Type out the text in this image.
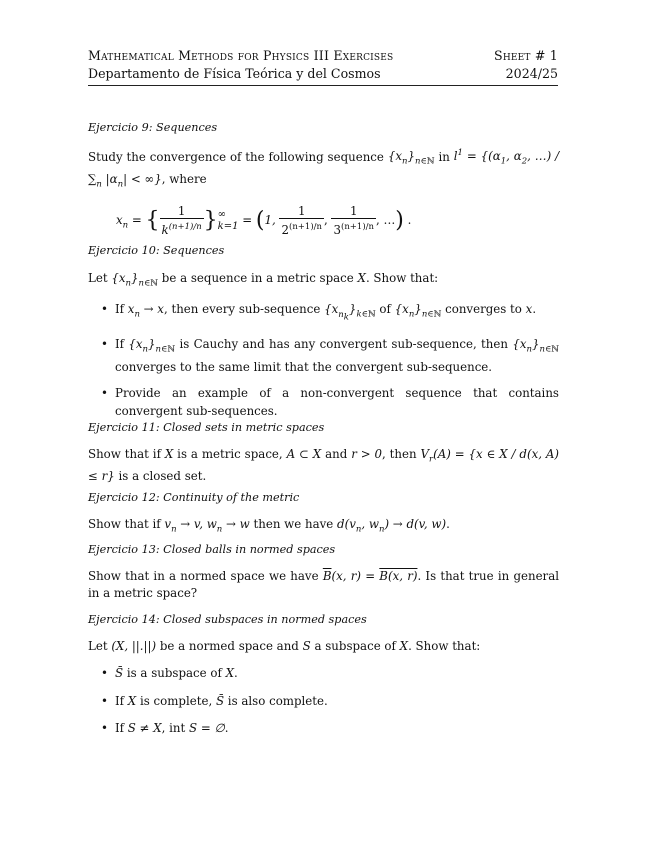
Mathematical Methods for Physics III Exercises
Departamento de Física Teórica y del Cosmos
Sheet # 1
2024/25

Ejercicio 9: Sequences

Study the convergence of the following sequence $\{x_n\}_{n\in ℕ}$ in $l^1 = \{(\alpha_1$, $\alpha_2$, …) / $\sum_n$ $|\alpha_n|$ < ∞}, where

$x_n$ = { $\frac{1}{k^{(n+1)/n}}$ }∞
k=1 = (1, $\frac{1}{2^{(n+1)/n}}$ , $\frac{1}{3^{(n+1)/n}}$ , …) .

Ejercicio 10: Sequences

Let $\{x_n\}_{n\in ℕ}$ be a sequence in a metric space X. Show that:

• If $x_n \to x$, then every sub-sequence $\{x_{n_k}\}_{k\in ℕ}$ of $\{x_n\}_{n\in ℕ}$ converges to x.
• If $\{x_n\}_{n\in ℕ}$ is Cauchy and has any convergent sub-sequence, then $\{x_n\}_{n\in ℕ}$ converges to the same limit that the convergent sub-sequence.
• Provide an example of a non-convergent sequence that contains convergent sub-sequences.

Ejercicio 11: Closed sets in metric spaces

Show that if X is a metric space, A ⊂ X and r > 0, then $V_r(A) = \{x$ ∈ X / d(x, A) ≤ r} is a closed set.

Ejercicio 12: Continuity of the metric

Show that if $v_n \to v$, $w_n \to w$ then we have $d(v_n$, $w_n) \to d(v$, w).

Ejercicio 13: Closed balls in normed spaces

Show that in a normed space we have $\overline{B}(x$, r) = B(x, r). Is that true in general in a metric space?

Ejercicio 14: Closed subspaces in normed spaces

Let (X, ||.||) be a normed space and S a subspace of X. Show that:

• S̄ is a subspace of X.
• If X is complete, S̄ is also complete.
• If S ≠ X, int S = ∅.
